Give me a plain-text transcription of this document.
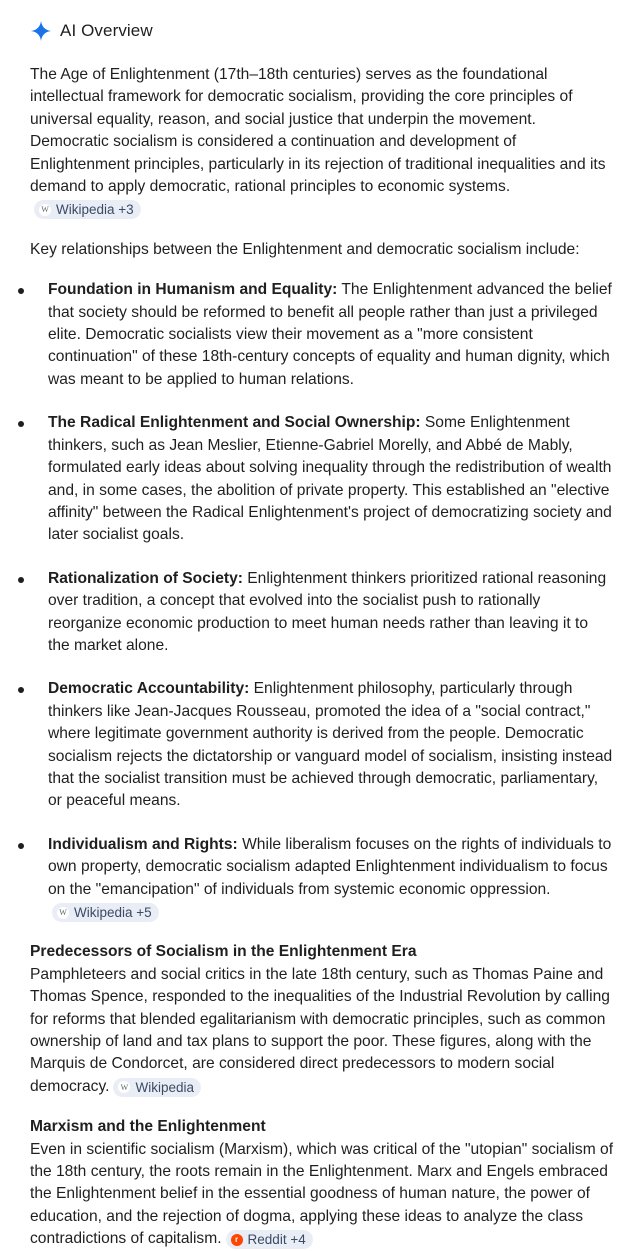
AI Overview

The Age of Enlightenment (17th–18th centuries) serves as the foundational intellectual framework for democratic socialism, providing the core principles of universal equality, reason, and social justice that underpin the movement. Democratic socialism is considered a continuation and development of Enlightenment principles, particularly in its rejection of traditional inequalities and its demand to apply democratic, rational principles to economic systems.
W Wikipedia +3

Key relationships between the Enlightenment and democratic socialism include:

Foundation in Humanism and Equality: The Enlightenment advanced the belief that society should be reformed to benefit all people rather than just a privileged elite. Democratic socialists view their movement as a "more consistent continuation" of these 18th-century concepts of equality and human dignity, which was meant to be applied to human relations.
The Radical Enlightenment and Social Ownership: Some Enlightenment thinkers, such as Jean Meslier, Etienne-Gabriel Morelly, and Abbé de Mably, formulated early ideas about solving inequality through the redistribution of wealth and, in some cases, the abolition of private property. This established an "elective affinity" between the Radical Enlightenment's project of democratizing society and later socialist goals.
Rationalization of Society: Enlightenment thinkers prioritized rational reasoning over tradition, a concept that evolved into the socialist push to rationally reorganize economic production to meet human needs rather than leaving it to the market alone.
Democratic Accountability: Enlightenment philosophy, particularly through thinkers like Jean-Jacques Rousseau, promoted the idea of a "social contract," where legitimate government authority is derived from the people. Democratic socialism rejects the dictatorship or vanguard model of socialism, insisting instead that the socialist transition must be achieved through democratic, parliamentary, or peaceful means.
Individualism and Rights: While liberalism focuses on the rights of individuals to own property, democratic socialism adapted Enlightenment individualism to focus on the "emancipation" of individuals from systemic economic oppression.
W Wikipedia +5
Predecessors of Socialism in the Enlightenment Era

Pamphleteers and social critics in the late 18th century, such as Thomas Paine and Thomas Spence, responded to the inequalities of the Industrial Revolution by calling for reforms that blended egalitarianism with democratic principles, such as common ownership of land and tax plans to support the poor. These figures, along with the Marquis de Condorcet, are considered direct predecessors to modern social democracy. W Wikipedia

Marxism and the Enlightenment

Even in scientific socialism (Marxism), which was critical of the "utopian" socialism of the 18th century, the roots remain in the Enlightenment. Marx and Engels embraced the Enlightenment belief in the essential goodness of human nature, the power of education, and the rejection of dogma, applying these ideas to analyze the class contradictions of capitalism.	r Reddit +4
